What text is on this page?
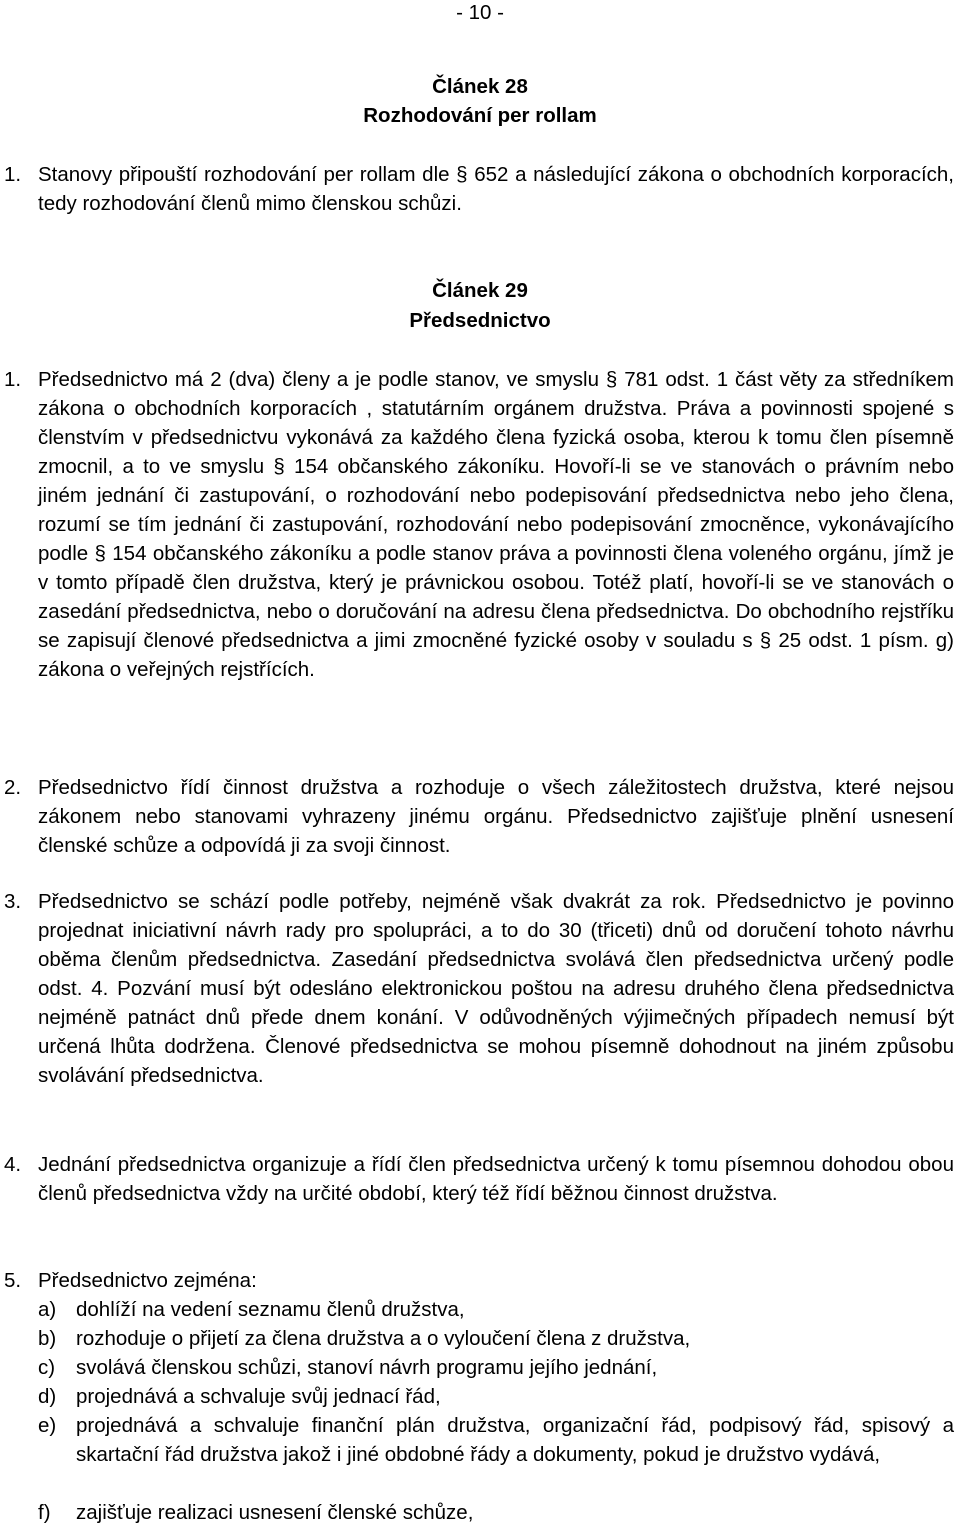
- 10 -
Článek 28
Rozhodování per rollam
1. Stanovy připouští rozhodování per rollam dle § 652 a následující zákona o obchodních korporacích, tedy rozhodování členů mimo členskou schůzi.
Článek 29
Předsednictvo
1. Předsednictvo má 2 (dva) členy a je podle stanov, ve smyslu § 781 odst. 1 část věty za středníkem zákona o obchodních korporacích , statutárním orgánem družstva. Práva a povinnosti spojené s členstvím v předsednictvu vykonává za každého člena fyzická osoba, kterou k tomu člen písemně zmocnil, a to ve smyslu § 154 občanského zákoníku. Hovoří-li se ve stanovách o právním nebo jiném jednání či zastupování, o rozhodování nebo podepisování předsednictva nebo jeho člena, rozumí se tím jednání či zastupování, rozhodování nebo podepisování zmocněnce, vykonávajícího podle § 154 občanského zákoníku a podle stanov práva a povinnosti člena voleného orgánu, jímž je v tomto případě člen družstva, který je právnickou osobou. Totéž platí, hovoří-li se ve stanovách o zasedání předsednictva, nebo o doručování na adresu člena předsednictva. Do obchodního rejstříku se zapisují členové předsednictva a jimi zmocněné fyzické osoby v souladu s § 25 odst. 1 písm. g) zákona o veřejných rejstřících.
2. Předsednictvo řídí činnost družstva a rozhoduje o všech záležitostech družstva, které nejsou zákonem nebo stanovami vyhrazeny jinému orgánu. Předsednictvo zajišťuje plnění usnesení členské schůze a odpovídá ji za svoji činnost.
3. Předsednictvo se schází podle potřeby, nejméně však dvakrát za rok. Předsednictvo je povinno projednat iniciativní návrh rady pro spolupráci, a to do 30 (třiceti) dnů od doručení tohoto návrhu oběma členům předsednictva. Zasedání předsednictva svolává člen předsednictva určený podle odst. 4. Pozvání musí být odesláno elektronickou poštou na adresu druhého člena předsednictva nejméně patnáct dnů přede dnem konání. V odůvodněných výjimečných případech nemusí být určená lhůta dodržena. Členové předsednictva se mohou písemně dohodnout na jiném způsobu svolávání předsednictva.
4. Jednání předsednictva organizuje a řídí člen předsednictva určený k tomu písemnou dohodou obou členů předsednictva vždy na určité období, který též řídí běžnou činnost družstva.
5. Předsednictvo zejména:
a) dohlíží na vedení seznamu členů družstva,
b) rozhoduje o přijetí za člena družstva a o vyloučení člena z družstva,
c) svolává členskou schůzi, stanoví návrh programu jejího jednání,
d) projednává a schvaluje svůj jednací řád,
e) projednává a schvaluje finanční plán družstva, organizační řád, podpisový řád, spisový a skartační řád družstva jakož i jiné obdobné řády a dokumenty, pokud je družstvo vydává,
f) zajišťuje realizaci usnesení členské schůze,
